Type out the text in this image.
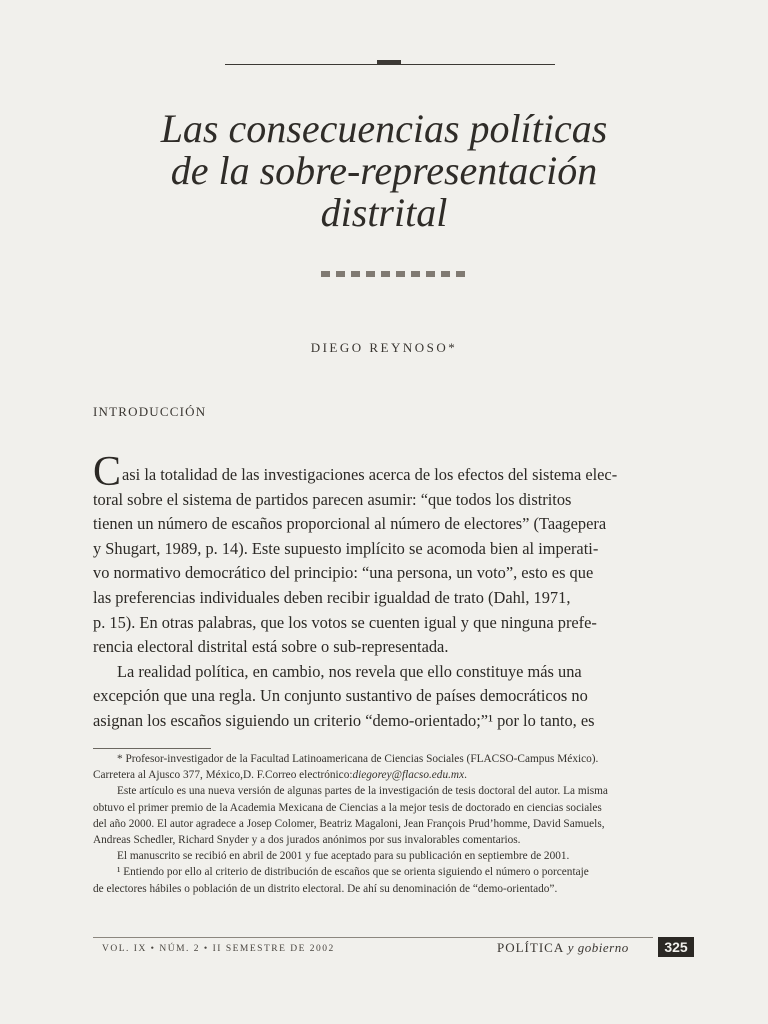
Las consecuencias políticas
de la sobre-representación
distrital
DIEGO REYNOSO*
INTRODUCCIÓN
Casi la totalidad de las investigaciones acerca de los efectos del sistema elec-
toral sobre el sistema de partidos parecen asumir: “que todos los distritos
tienen un número de escaños proporcional al número de electores” (Taagepera
y Shugart, 1989, p. 14). Este supuesto implícito se acomoda bien al imperati-
vo normativo democrático del principio: “una persona, un voto”, esto es que
las preferencias individuales deben recibir igualdad de trato (Dahl, 1971,
p. 15). En otras palabras, que los votos se cuenten igual y que ninguna prefe-
rencia electoral distrital está sobre o sub-representada.
La realidad política, en cambio, nos revela que ello constituye más una
excepción que una regla. Un conjunto sustantivo de países democráticos no
asignan los escaños siguiendo un criterio “demo-orientado;”¹ por lo tanto, es
* Profesor-investigador de la Facultad Latinoamericana de Ciencias Sociales ( FLACSO -Campus México).
Carretera al Ajusco 377, México, D. F. Correo electrónico: diegorey@flacso.edu.mx .
Este artículo es una nueva versión de algunas partes de la investigación de tesis doctoral del autor. La misma
obtuvo el primer premio de la Academia Mexicana de Ciencias a la mejor tesis de doctorado en ciencias sociales
del año 2000. El autor agradece a Josep Colomer, Beatriz Magaloni, Jean François Prud’homme, David Samuels,
Andreas Schedler, Richard Snyder y a dos jurados anónimos por sus invalorables comentarios.
El manuscrito se recibió en abril de 2001 y fue aceptado para su publicación en septiembre de 2001.
¹ Entiendo por ello al criterio de distribución de escaños que se orienta siguiendo el número o porcentaje
de electores hábiles o población de un distrito electoral. De ahí su denominación de “demo-orientado”.
VOL. IX • NÚM. 2 • II SEMESTRE DE 2002	POLÍTICA y gobierno	325
